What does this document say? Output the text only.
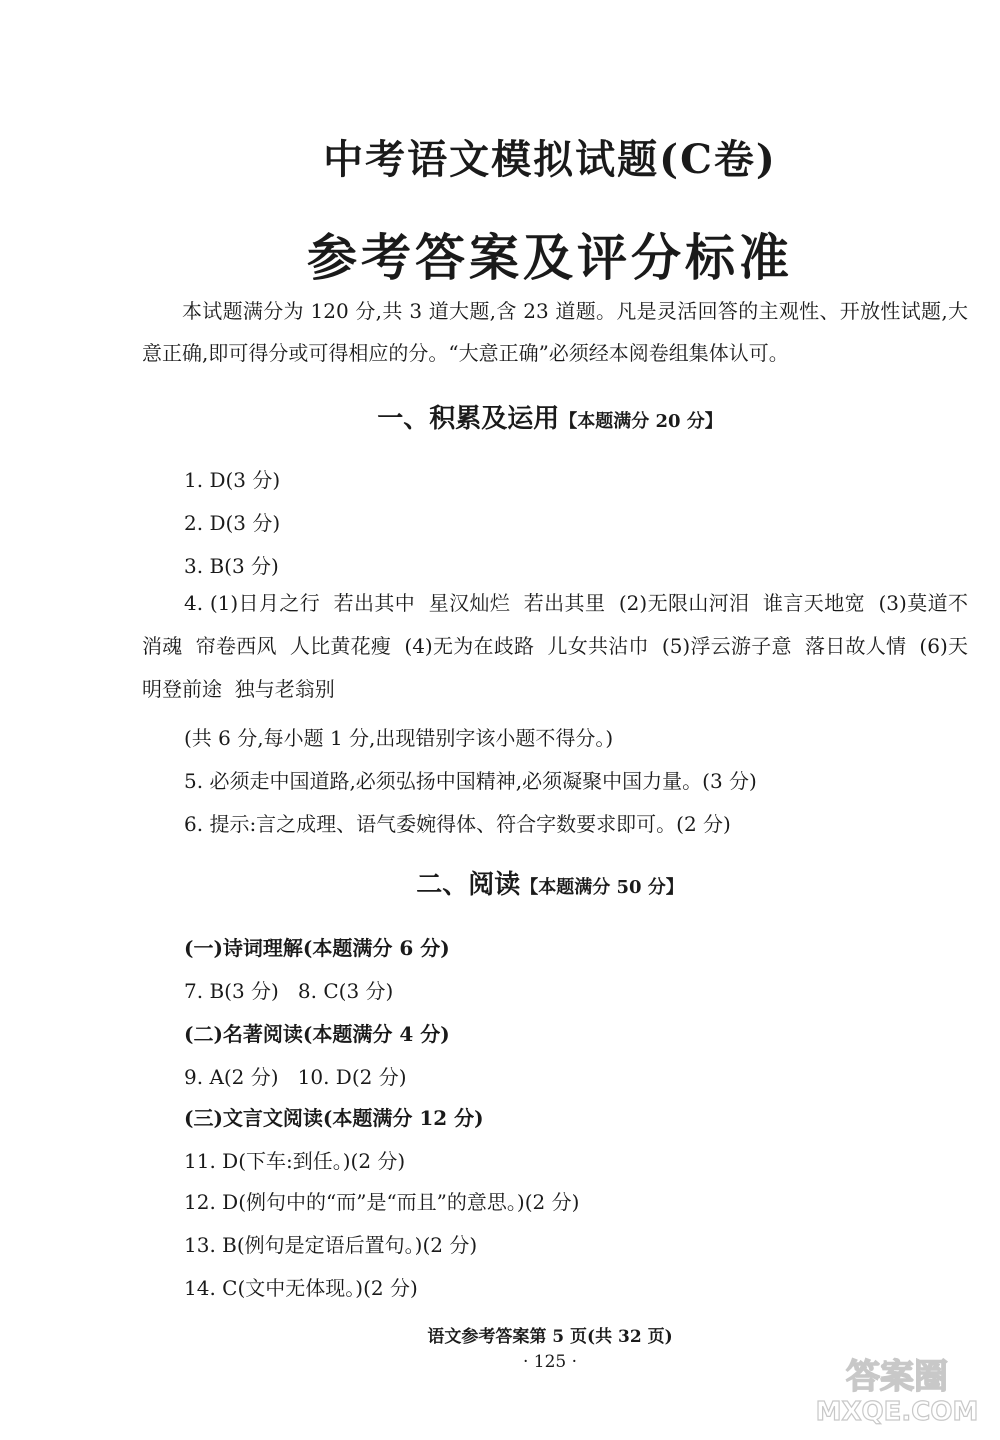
中考语文模拟试题(C卷)
参考答案及评分标准
本试题满分为 120 分,共 3 道大题,含 23 道题。凡是灵活回答的主观性、开放性试题,大意正确,即可得分或可得相应的分。“大意正确”必须经本阅卷组集体认可。
一、积累及运用【本题满分 20 分】
1. D(3 分)
2. D(3 分)
3. B(3 分)
4. (1)日月之行  若出其中  星汉灿烂  若出其里  (2)无限山河泪  谁言天地宽  (3)莫道不消魂  帘卷西风  人比黄花瘦  (4)无为在歧路  儿女共沾巾  (5)浮云游子意  落日故人情  (6)天明登前途  独与老翁别
(共 6 分,每小题 1 分,出现错别字该小题不得分。)
5. 必须走中国道路,必须弘扬中国精神,必须凝聚中国力量。(3 分)
6. 提示:言之成理、语气委婉得体、符合字数要求即可。(2 分)
二、阅读【本题满分 50 分】
(一)诗词理解(本题满分 6 分)
7. B(3 分)   8. C(3 分)
(二)名著阅读(本题满分 4 分)
9. A(2 分)   10. D(2 分)
(三)文言文阅读(本题满分 12 分)
11. D(下车:到任。)(2 分)
12. D(例句中的“而”是“而且”的意思。)(2 分)
13. B(例句是定语后置句。)(2 分)
14. C(文中无体现。)(2 分)
语文参考答案第 5 页(共 32 页)
· 125 ·	答案圈
MXQE.COM
